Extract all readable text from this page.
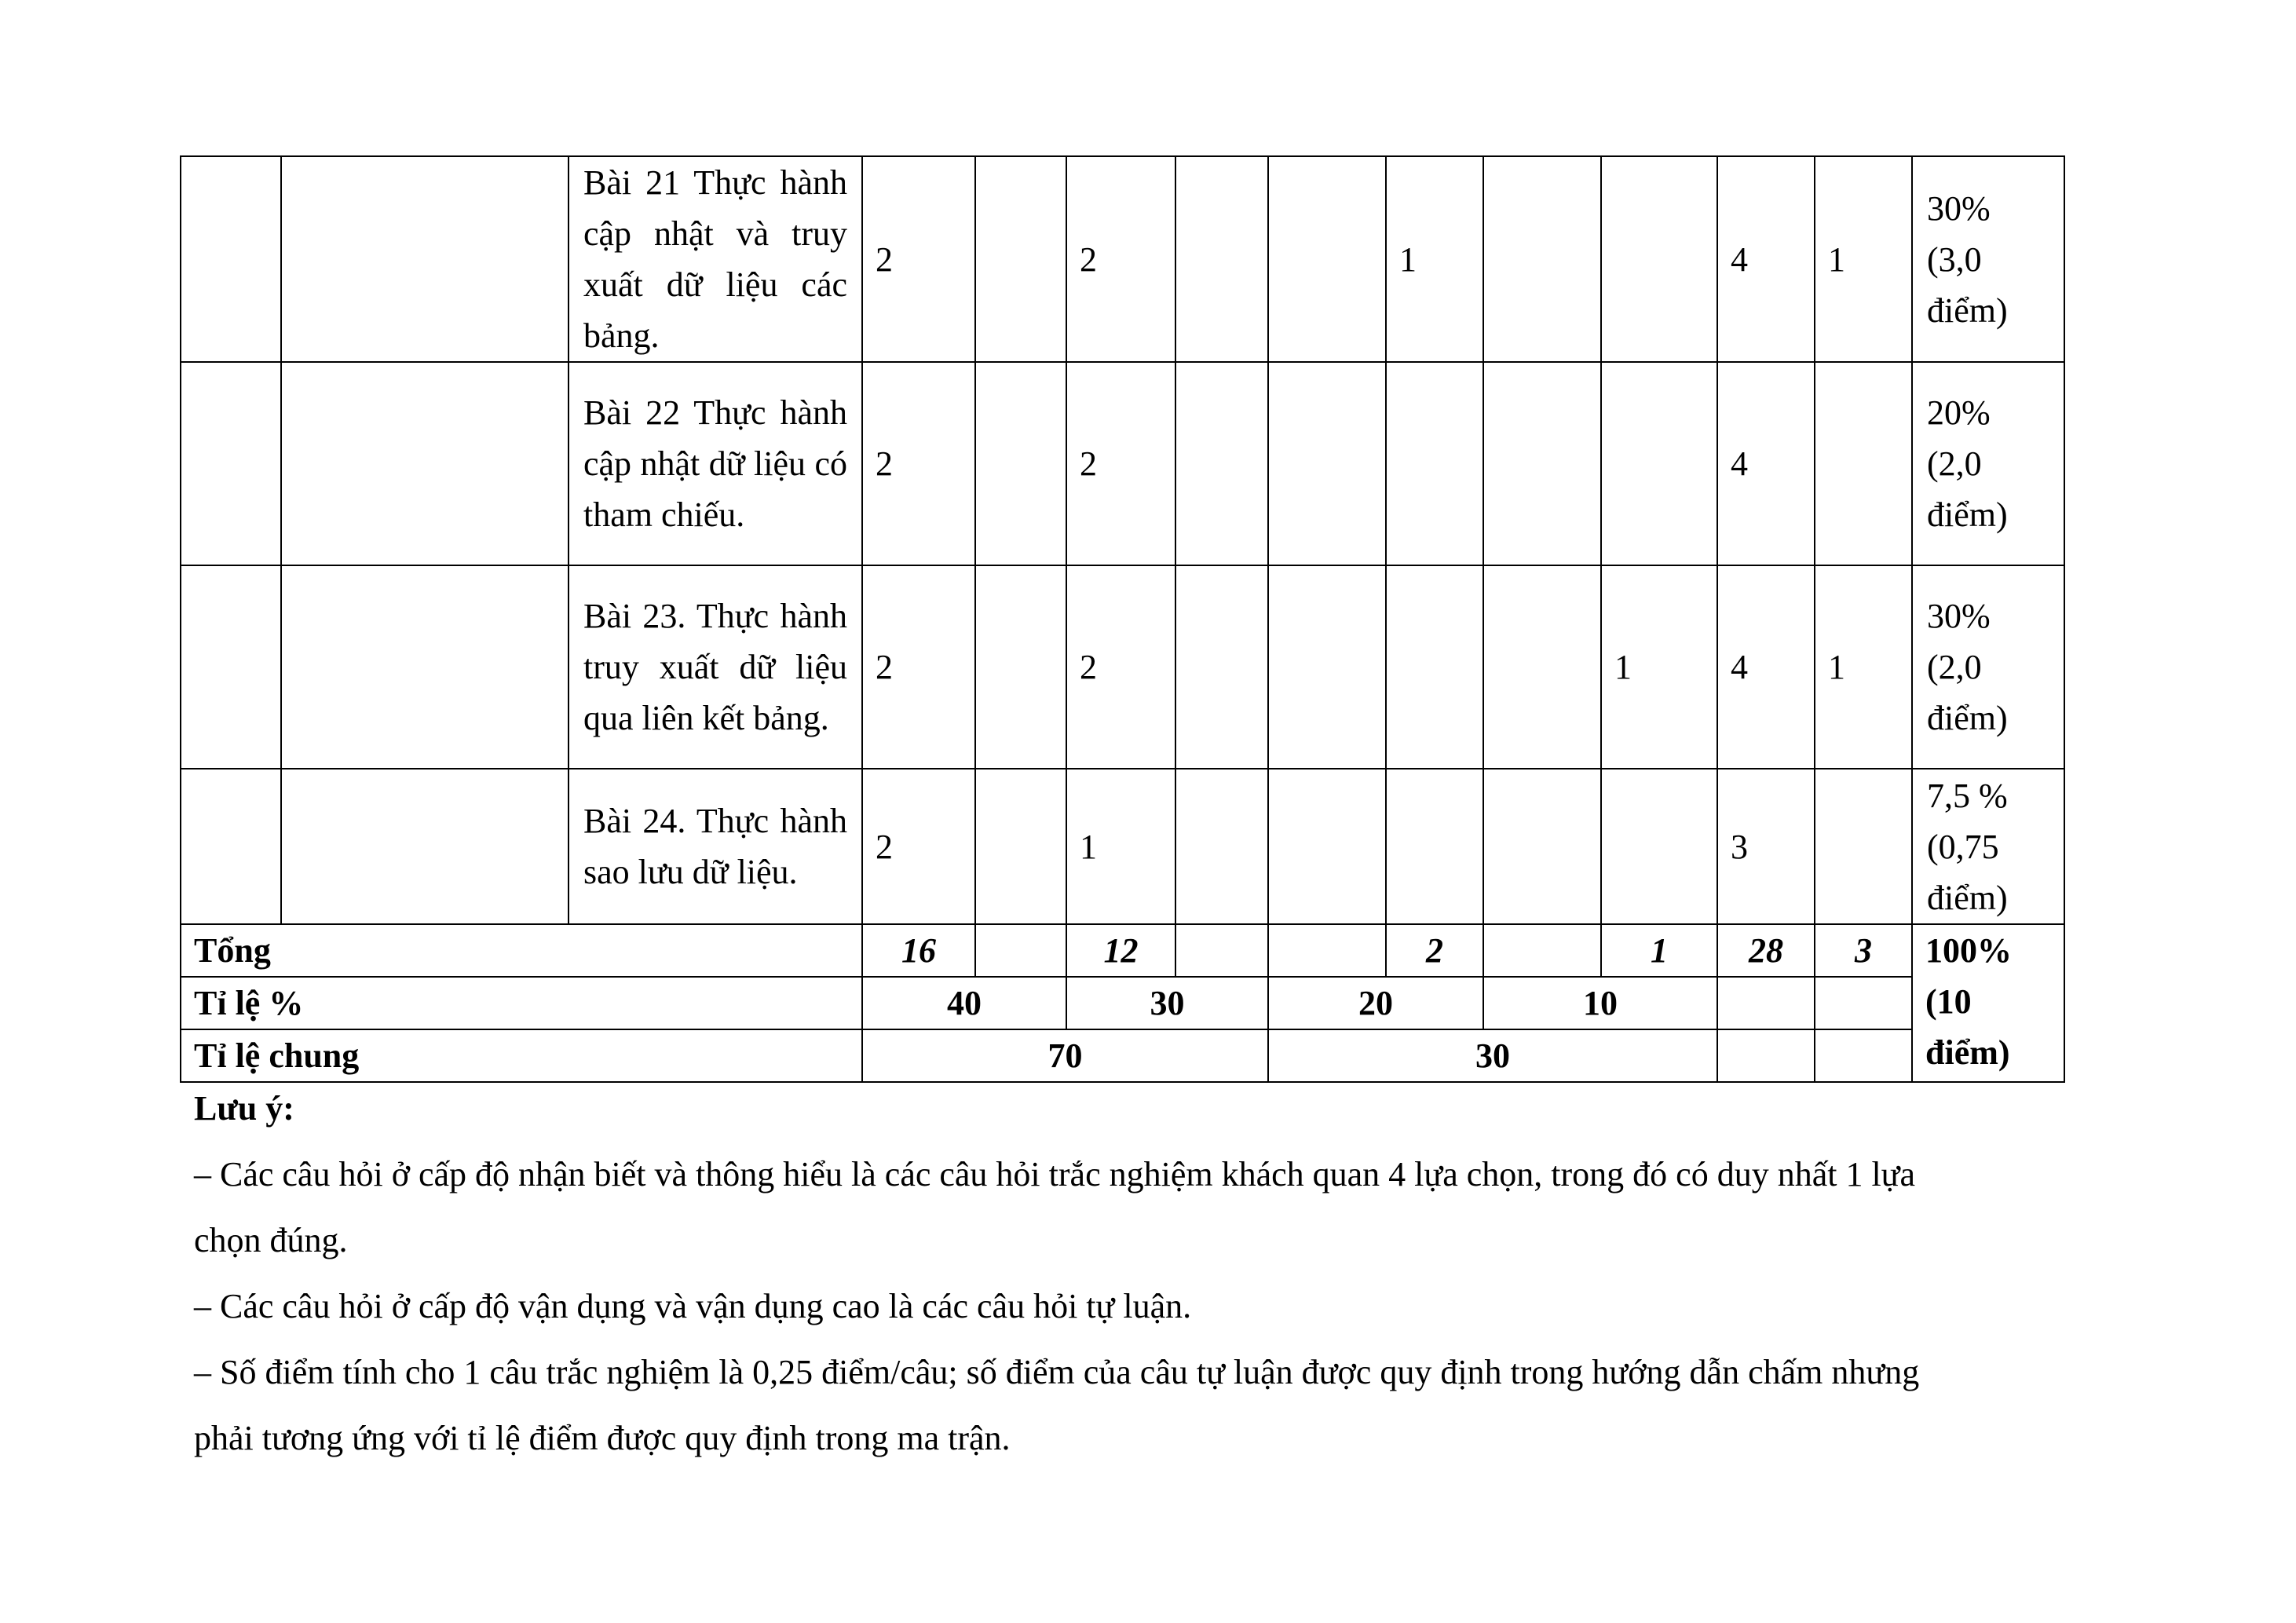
		Bài 21 Thực hành cập nhật và truy xuất dữ liệu các bảng.	2		2			1			4	1	30% (3,0 điểm)
		Bài 22 Thực hành cập nhật dữ liệu có tham chiếu.	2		2						4		20% (2,0 điểm)
		Bài 23. Thực hành truy xuất dữ liệu qua liên kết bảng.	2		2					1	4	1	30% (2,0 điểm)
		Bài 24. Thực hành sao lưu dữ liệu.	2		1						3		7,5 % (0,75 điểm)
Tổng			16		12			2		1	28	3	100% (10 điểm)
Tỉ lệ %			40		30		20		10				
Tỉ lệ chung			70				30						

Lưu ý:

– Các câu hỏi ở cấp độ nhận biết và thông hiểu là các câu hỏi trắc nghiệm khách quan 4 lựa chọn, trong đó có duy nhất 1 lựa

chọn đúng.

– Các câu hỏi ở cấp độ vận dụng và vận dụng cao là các câu hỏi tự luận.

– Số điểm tính cho 1 câu trắc nghiệm là 0,25 điểm/câu; số điểm của câu tự luận được quy định trong hướng dẫn chấm nhưng

phải tương ứng với tỉ lệ điểm được quy định trong ma trận.
